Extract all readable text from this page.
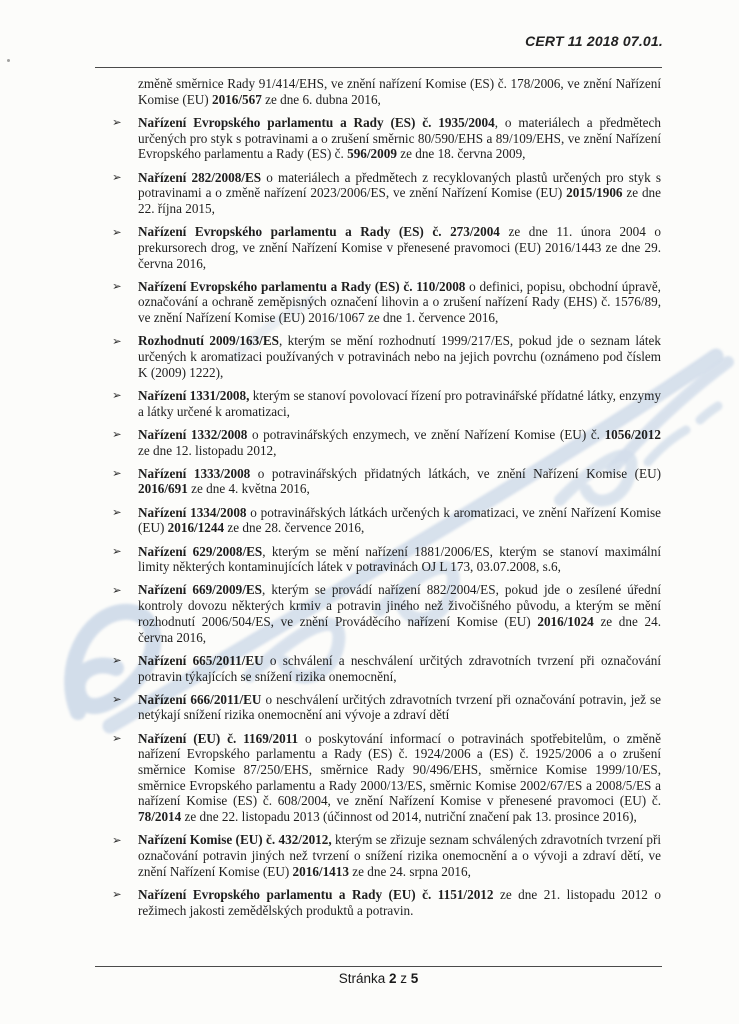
CERT 11 2018 07.01.

změně směrnice Rady 91/414/EHS, ve znění nařízení Komise (ES) č. 178/2006, ve znění Nařízení Komise (EU) 2016/567 ze dne 6. dubna 2016,

➢ Nařízení Evropského parlamentu a Rady (ES) č. 1935/2004, o materiálech a předmětech určených pro styk s potravinami a o zrušení směrnic 80/590/EHS a 89/109/EHS, ve znění Nařízení Evropského parlamentu a Rady (ES) č. 596/2009 ze dne 18. června 2009,

➢ Nařízení 282/2008/ES o materiálech a předmětech z recyklovaných plastů určených pro styk s potravinami a o změně nařízení 2023/2006/ES, ve znění Nařízení Komise (EU) 2015/1906 ze dne 22. října 2015,

➢ Nařízení Evropského parlamentu a Rady (ES) č. 273/2004 ze dne 11. února 2004 o prekursorech drog, ve znění Nařízení Komise v přenesené pravomoci (EU) 2016/1443 ze dne 29. června 2016,

➢ Nařízení Evropského parlamentu a Rady (ES) č. 110/2008 o definici, popisu, obchodní úpravě, označování a ochraně zeměpisných označení lihovin a o zrušení nařízení Rady (EHS) č. 1576/89, ve znění Nařízení Komise (EU) 2016/1067 ze dne 1. července 2016,

➢ Rozhodnutí 2009/163/ES, kterým se mění rozhodnutí 1999/217/ES, pokud jde o seznam látek určených k aromatizaci používaných v potravinách nebo na jejich povrchu (oznámeno pod číslem K (2009) 1222),

➢ Nařízení 1331/2008, kterým se stanoví povolovací řízení pro potravinářské přídatné látky, enzymy a látky určené k aromatizaci,

➢ Nařízení 1332/2008 o potravinářských enzymech, ve znění Nařízení Komise (EU) č. 1056/2012 ze dne 12. listopadu 2012,

➢ Nařízení 1333/2008 o potravinářských přidatných látkách, ve znění Nařízení Komise (EU) 2016/691 ze dne 4. května 2016,

➢ Nařízení 1334/2008 o potravinářských látkách určených k aromatizaci, ve znění Nařízení Komise (EU) 2016/1244 ze dne 28. července 2016,

➢ Nařízení 629/2008/ES, kterým se mění nařízení 1881/2006/ES, kterým se stanoví maximální limity některých kontaminujících látek v potravinách OJ L 173, 03.07.2008, s.6,

➢ Nařízení 669/2009/ES, kterým se provádí nařízení 882/2004/ES, pokud jde o zesílené úřední kontroly dovozu některých krmiv a potravin jiného než živočišného původu, a kterým se mění rozhodnutí 2006/504/ES, ve znění Prováděcího nařízení Komise (EU) 2016/1024 ze dne 24. června 2016,

➢ Nařízení 665/2011/EU o schválení a neschválení určitých zdravotních tvrzení při označování potravin týkajících se snížení rizika onemocnění,

➢ Nařízení 666/2011/EU o neschválení určitých zdravotních tvrzení při označování potravin, jež se netýkají snížení rizika onemocnění ani vývoje a zdraví dětí

➢ Nařízení (EU) č. 1169/2011 o poskytování informací o potravinách spotřebitelům, o změně nařízení Evropského parlamentu a Rady (ES) č. 1924/2006 a (ES) č. 1925/2006 a o zrušení směrnice Komise 87/250/EHS, směrnice Rady 90/496/EHS, směrnice Komise 1999/10/ES, směrnice Evropského parlamentu a Rady 2000/13/ES, směrnic Komise 2002/67/ES a 2008/5/ES a nařízení Komise (ES) č. 608/2004, ve znění Nařízení Komise v přenesené pravomoci (EU) č. 78/2014 ze dne 22. listopadu 2013 (účinnost od 2014, nutriční značení pak 13. prosince 2016),

➢ Nařízení Komise (EU) č. 432/2012, kterým se zřizuje seznam schválených zdravotních tvrzení při označování potravin jiných než tvrzení o snížení rizika onemocnění a o vývoji a zdraví dětí, ve znění Nařízení Komise (EU) 2016/1413 ze dne 24. srpna 2016,

➢ Nařízení Evropského parlamentu a Rady (EU) č. 1151/2012 ze dne 21. listopadu 2012 o režimech jakosti zemědělských produktů a potravin.

Stránka 2 z 5
